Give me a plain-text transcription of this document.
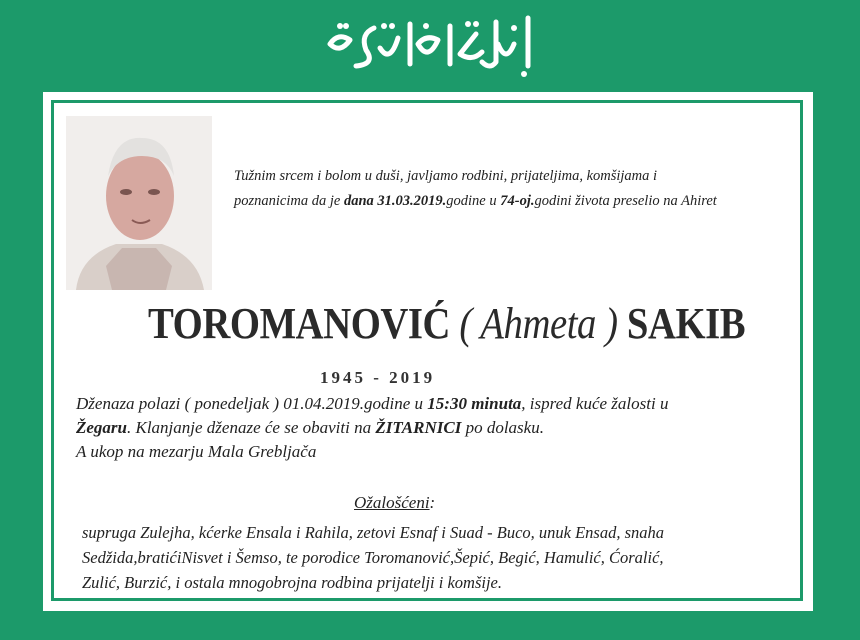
Tužnim srcem i bolom u duši, javljamo rodbini, prijateljima, komšijama i
poznanicima da je dana 31.03.2019.godine u 74-oj.godini života preselio na Ahiret
TOROMANOVIĆ ( Ahmeta ) SAKIB
1945 - 2019
Dženaza polazi ( ponedeljak ) 01.04.2019.godine u 15:30 minuta, ispred kuće žalosti u
Žegaru. Klanjanje dženaze će se obaviti na ŽITARNICI po dolasku.
A ukop na mezarju Mala Grebljača
Ožalošćeni:
supruga Zulejha, kćerke Ensala i Rahila, zetovi Esnaf i Suad - Buco, unuk Ensad, snaha
Sedžida,bratićiNisvet i Šemso, te porodice Toromanović,Šepić, Begić, Hamulić, Ćoralić,
Zulić, Burzić, i ostala mnogobrojna rodbina prijatelji i komšije.
